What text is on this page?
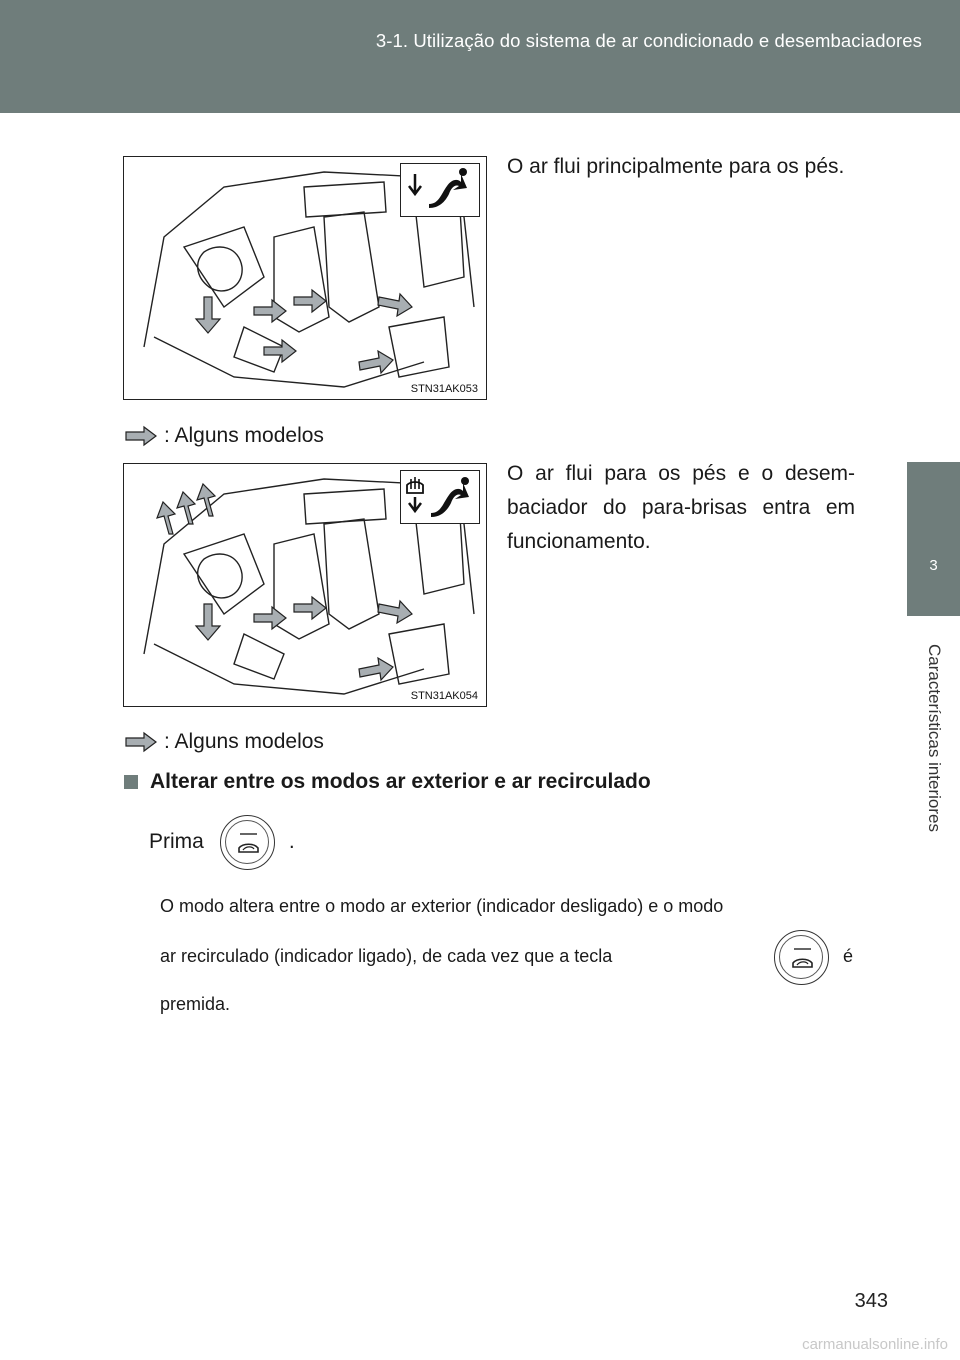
3-1. Utilização do sistema de ar condicionado e desembaciadores
3
Características interiores
STN31AK053
O ar flui principalmente para os pés.
: Alguns modelos
STN31AK054
O ar flui para os pés e o desem-baciador do para-brisas entra em funcionamento.
: Alguns modelos
Alterar entre os modos ar exterior e ar recirculado
Prima	.
O modo altera entre o modo ar exterior (indicador desligado) e o modo
ar recirculado (indicador ligado), de cada vez que a tecla	é
premida.
343
carmanualsonline.info
